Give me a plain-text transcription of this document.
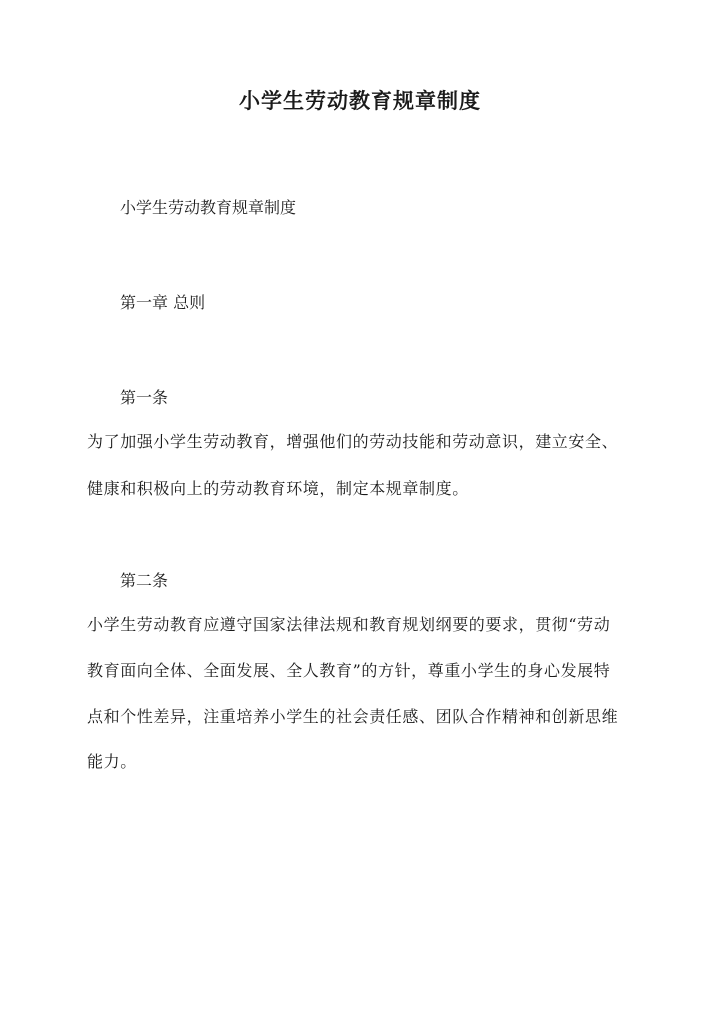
小学生劳动教育规章制度
小学生劳动教育规章制度
第一章 总则
第一条
为了加强小学生劳动教育，增强他们的劳动技能和劳动意识，建立安全、
健康和积极向上的劳动教育环境，制定本规章制度。
第二条
小学生劳动教育应遵守国家法律法规和教育规划纲要的要求，贯彻“劳动
教育面向全体、全面发展、全人教育”的方针，尊重小学生的身心发展特
点和个性差异，注重培养小学生的社会责任感、团队合作精神和创新思维
能力。
